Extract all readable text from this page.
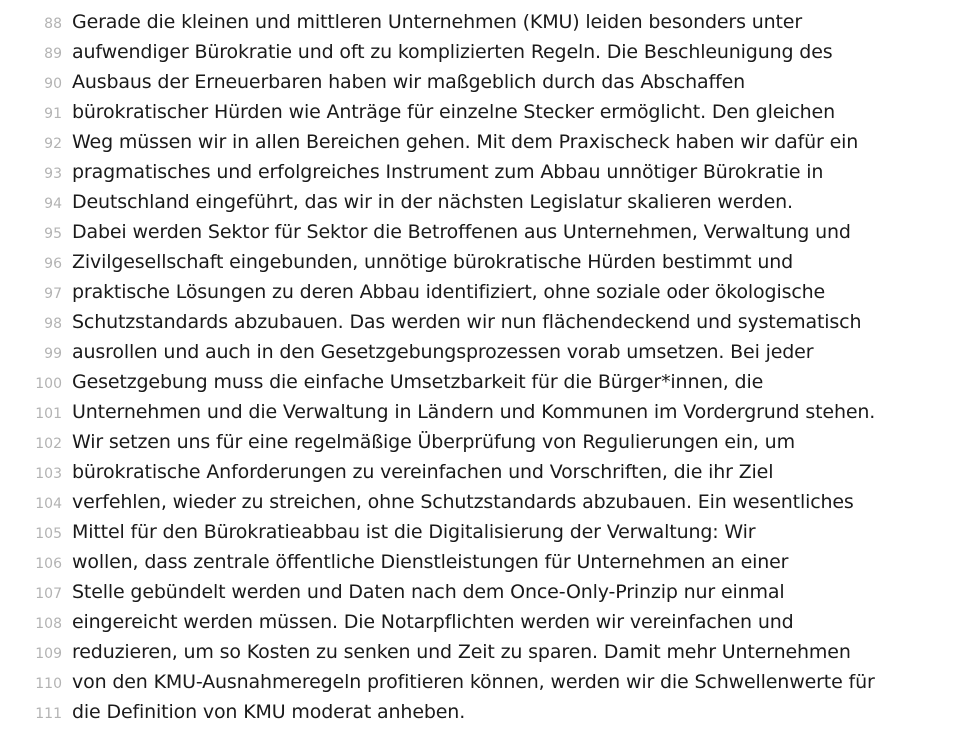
88 Gerade die kleinen und mittleren Unternehmen (KMU) leiden besonders unter
89 aufwendiger Bürokratie und oft zu komplizierten Regeln. Die Beschleunigung des
90 Ausbaus der Erneuerbaren haben wir maßgeblich durch das Abschaffen
91 bürokratischer Hürden wie Anträge für einzelne Stecker ermöglicht. Den gleichen
92 Weg müssen wir in allen Bereichen gehen. Mit dem Praxischeck haben wir dafür ein
93 pragmatisches und erfolgreiches Instrument zum Abbau unnötiger Bürokratie in
94 Deutschland eingeführt, das wir in der nächsten Legislatur skalieren werden.
95 Dabei werden Sektor für Sektor die Betroffenen aus Unternehmen, Verwaltung und
96 Zivilgesellschaft eingebunden, unnötige bürokratische Hürden bestimmt und
97 praktische Lösungen zu deren Abbau identifiziert, ohne soziale oder ökologische
98 Schutzstandards abzubauen. Das werden wir nun flächendeckend und systematisch
99 ausrollen und auch in den Gesetzgebungsprozessen vorab umsetzen. Bei jeder
100 Gesetzgebung muss die einfache Umsetzbarkeit für die Bürger*innen, die
101 Unternehmen und die Verwaltung in Ländern und Kommunen im Vordergrund stehen.
102 Wir setzen uns für eine regelmäßige Überprüfung von Regulierungen ein, um
103 bürokratische Anforderungen zu vereinfachen und Vorschriften, die ihr Ziel
104 verfehlen, wieder zu streichen, ohne Schutzstandards abzubauen. Ein wesentliches
105 Mittel für den Bürokratieabbau ist die Digitalisierung der Verwaltung: Wir
106 wollen, dass zentrale öffentliche Dienstleistungen für Unternehmen an einer
107 Stelle gebündelt werden und Daten nach dem Once-Only-Prinzip nur einmal
108 eingereicht werden müssen. Die Notarpflichten werden wir vereinfachen und
109 reduzieren, um so Kosten zu senken und Zeit zu sparen. Damit mehr Unternehmen
110 von den KMU-Ausnahmeregeln profitieren können, werden wir die Schwellenwerte für
111 die Definition von KMU moderat anheben.
